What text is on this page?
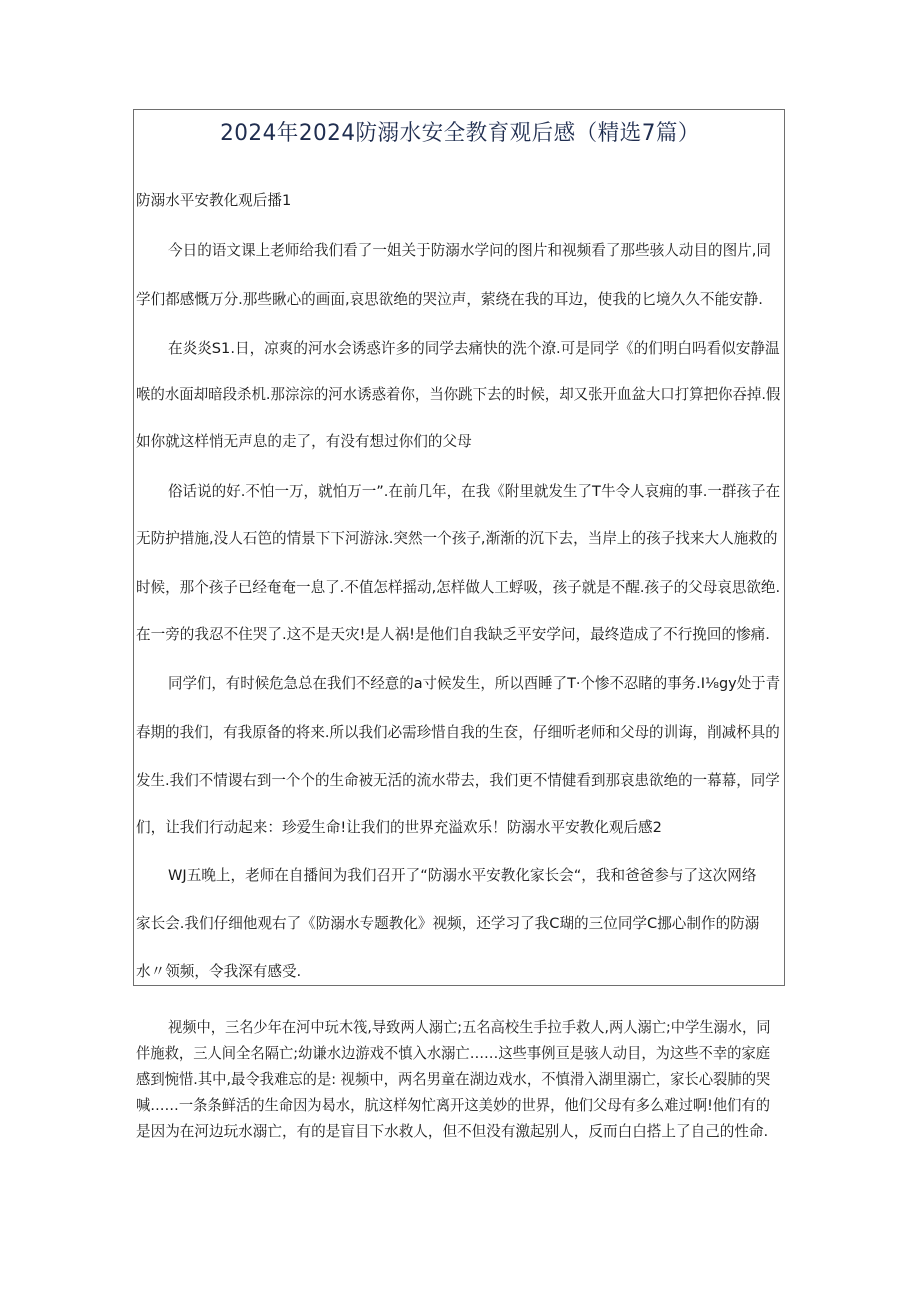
2024年2024防溺水安全教育观后感（精选7篇）
防溺水平安教化观后播1
今日的语文课上老师给我们看了一姐关于防溺水学问的图片和视频看了那些骇人动目的图片,同
学们都感慨万分.那些瞅心的画面,哀思欲绝的哭泣声，萦绕在我的耳边，使我的匕境久久不能安静.
在炎炎S1.日，凉爽的河水会诱惑许多的同学去痛快的洗个潦.可是同学《的们明白吗看似安静温
喉的水面却暗段杀机.那淙淙的河水诱惑着你，当你跳下去的时候，却又张开血盆大口打算把你吞掉.假
如你就这样悄无声息的走了，有没有想过你们的父母
俗话说的好.不怕一万，就怕万一”.在前几年，在我《附里就发生了T牛令人哀痈的事.一群孩子在
无防护措施,没人石笆的情景下下河游泳.突然一个孩子,渐渐的沉下去，当岸上的孩子找来大人施救的
时候，那个孩子已经奄奄一息了.不值怎样摇动,怎样做人工蜉吸，孩子就是不醒.孩子的父母哀思欲绝.
在一旁的我忍不住哭了.这不是天灾!是人祸!是他们自我缺乏平安学问，最终造成了不行挽回的惨痛.
同学们，有时候危急总在我们不经意的a寸候发生，所以酉睡了T·个惨不忍睹的事务.I⅛gy处于青
春期的我们，有我原备的将来.所以我们必需珍惜自我的生奁，仔细听老师和父母的训诲，削减杯具的
发生.我们不情谡右到一个个的生命被无活的流水带去，我们更不情健看到那哀患欲绝的一幕幕，同学
们，让我们行动起来：珍爱生命!让我们的世界充溢欢乐！防溺水平安教化观后感2
WJ五晚上，老师在自播间为我们召开了“防溺水平安教化家长会“，我和爸爸参与了这次网络
家长会.我们仔细他观右了《防溺水专题教化》视频，还学习了我C瑚的三位同学C挪心制作的防溺
水〃领频，令我深有感受.
视频中，三名少年在河中玩木筏,导致两人溺亡;五名高校生手拉手救人,两人溺亡;中学生溺水，同
伴施救，三人间全名隔亡;幼谦水边游戏不慎入水溺亡……这些事例亘是骇人动目，为这些不幸的家庭
感到惋惜.其中,最令我难忘的是: 视频中，两名男童在湖边戏水，不慎滑入湖里溺亡，家长心裂肺的哭
喊……一条条鲜活的生命因为曷水，肮这样匆忙离开这美妙的世界，他们父母有多么难过啊!他们有的
是因为在河边玩水溺亡，有的是盲目下水救人，但不但没有激起别人，反而白白搭上了自己的性命.
